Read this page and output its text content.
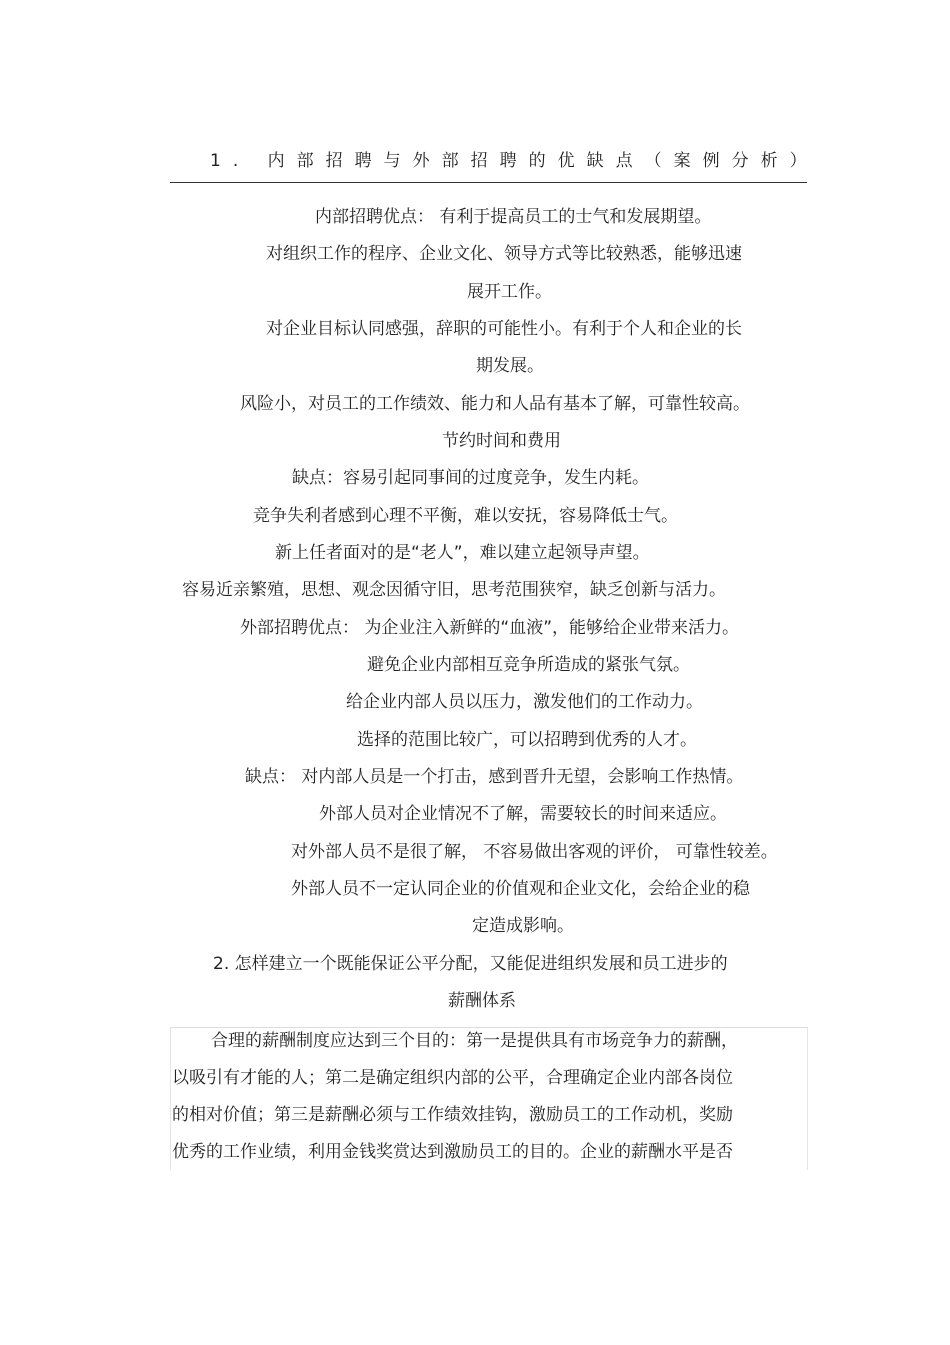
1. 内部招聘与外部招聘的优缺点（案例分析）
内部招聘优点： 有利于提高员工的士气和发展期望。
对组织工作的程序、企业文化、领导方式等比较熟悉，能够迅速
展开工作。
对企业目标认同感强，辞职的可能性小。有利于个人和企业的长
期发展。
风险小，对员工的工作绩效、能力和人品有基本了解，可靠性较高。
节约时间和费用
缺点：容易引起同事间的过度竞争，发生内耗。
竞争失利者感到心理不平衡，难以安抚，容易降低士气。
新上任者面对的是“老人”，难以建立起领导声望。
容易近亲繁殖，思想、观念因循守旧，思考范围狭窄，缺乏创新与活力。
外部招聘优点： 为企业注入新鲜的“血液”，能够给企业带来活力。
避免企业内部相互竞争所造成的紧张气氛。
给企业内部人员以压力，激发他们的工作动力。
选择的范围比较广，可以招聘到优秀的人才。
缺点： 对内部人员是一个打击，感到晋升无望，会影响工作热情。
外部人员对企业情况不了解，需要较长的时间来适应。
对外部人员不是很了解， 不容易做出客观的评价， 可靠性较差。
外部人员不一定认同企业的价值观和企业文化，会给企业的稳
定造成影响。
2. 怎样建立一个既能保证公平分配，又能促进组织发展和员工进步的
薪酬体系
合理的薪酬制度应达到三个目的：第一是提供具有市场竞争力的薪酬，
以吸引有才能的人；第二是确定组织内部的公平，合理确定企业内部各岗位
的相对价值；第三是薪酬必须与工作绩效挂钩，激励员工的工作动机，奖励
优秀的工作业绩，利用金钱奖赏达到激励员工的目的。企业的薪酬水平是否
